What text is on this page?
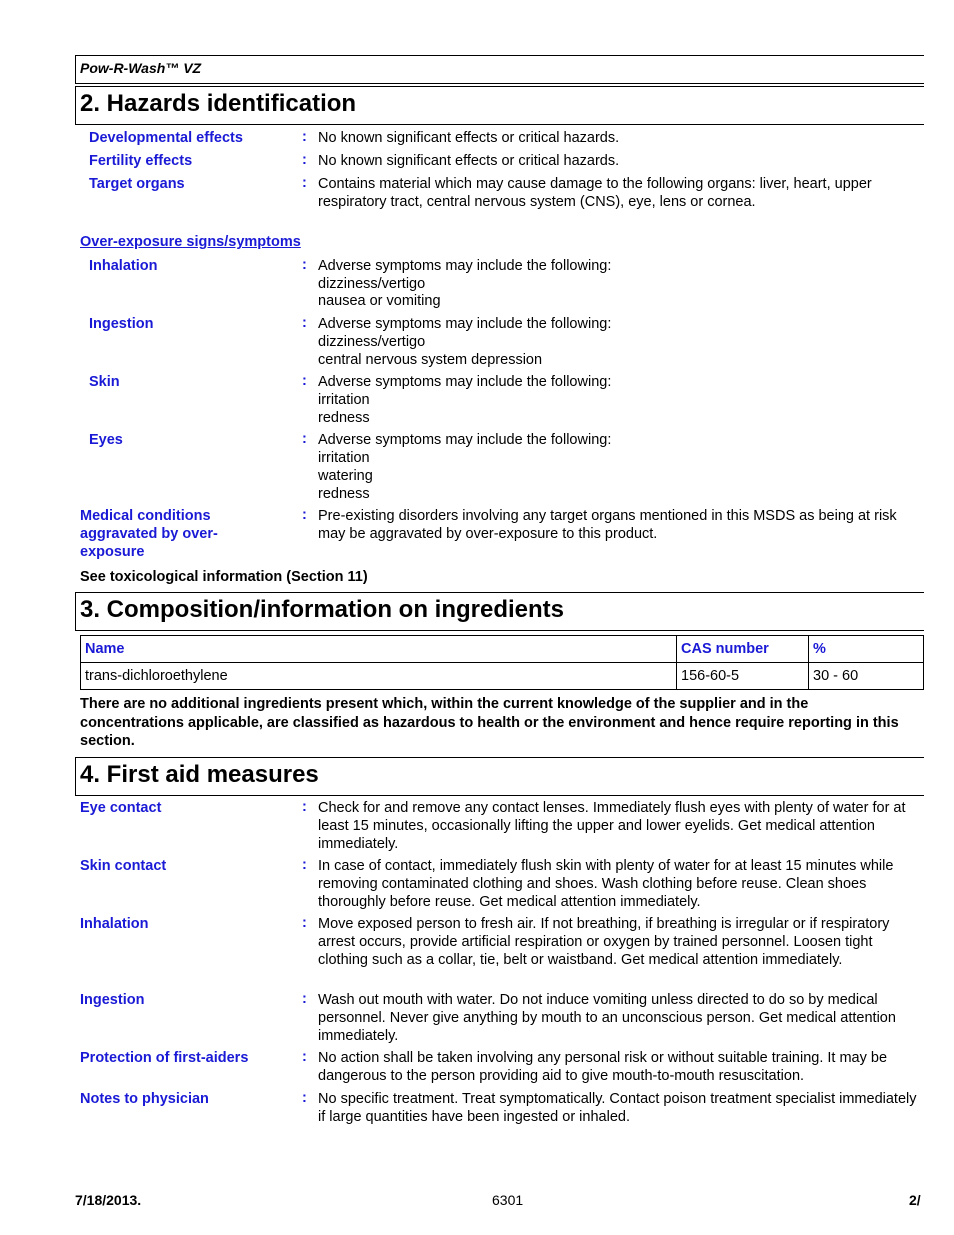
Pow-R-Wash™ VZ
2. Hazards identification
Developmental effects	: No known significant effects or critical hazards.
Fertility effects	: No known significant effects or critical hazards.
Target organs	: Contains material which may cause damage to the following organs: liver, heart, upper respiratory tract, central nervous system (CNS), eye, lens or cornea.
Over-exposure signs/symptoms
Inhalation	: Adverse symptoms may include the following:
dizziness/vertigo
nausea or vomiting
Ingestion	: Adverse symptoms may include the following:
dizziness/vertigo
central nervous system depression
Skin	: Adverse symptoms may include the following:
irritation
redness
Eyes	: Adverse symptoms may include the following:
irritation
watering
redness
Medical conditions aggravated by over-exposure
: Pre-existing disorders involving any target organs mentioned in this MSDS as being at risk may be aggravated by over-exposure to this product.
See toxicological information (Section 11)
3. Composition/information on ingredients
Name	CAS number	%
trans-dichloroethylene	156-60-5	30 - 60
There are no additional ingredients present which, within the current knowledge of the supplier and in the concentrations applicable, are classified as hazardous to health or the environment and hence require reporting in this section.
4. First aid measures
Eye contact	: Check for and remove any contact lenses. Immediately flush eyes with plenty of water for at least 15 minutes, occasionally lifting the upper and lower eyelids. Get medical attention immediately.
Skin contact	: In case of contact, immediately flush skin with plenty of water for at least 15 minutes while removing contaminated clothing and shoes. Wash clothing before reuse. Clean shoes thoroughly before reuse. Get medical attention immediately.
Inhalation	: Move exposed person to fresh air. If not breathing, if breathing is irregular or if respiratory arrest occurs, provide artificial respiration or oxygen by trained personnel. Loosen tight clothing such as a collar, tie, belt or waistband. Get medical attention immediately.
Ingestion	: Wash out mouth with water. Do not induce vomiting unless directed to do so by medical personnel. Never give anything by mouth to an unconscious person. Get medical attention immediately.
Protection of first-aiders	: No action shall be taken involving any personal risk or without suitable training. It may be dangerous to the person providing aid to give mouth-to-mouth resuscitation.
Notes to physician	: No specific treatment. Treat symptomatically. Contact poison treatment specialist immediately if large quantities have been ingested or inhaled.
7/18/2013.	6301	2/
